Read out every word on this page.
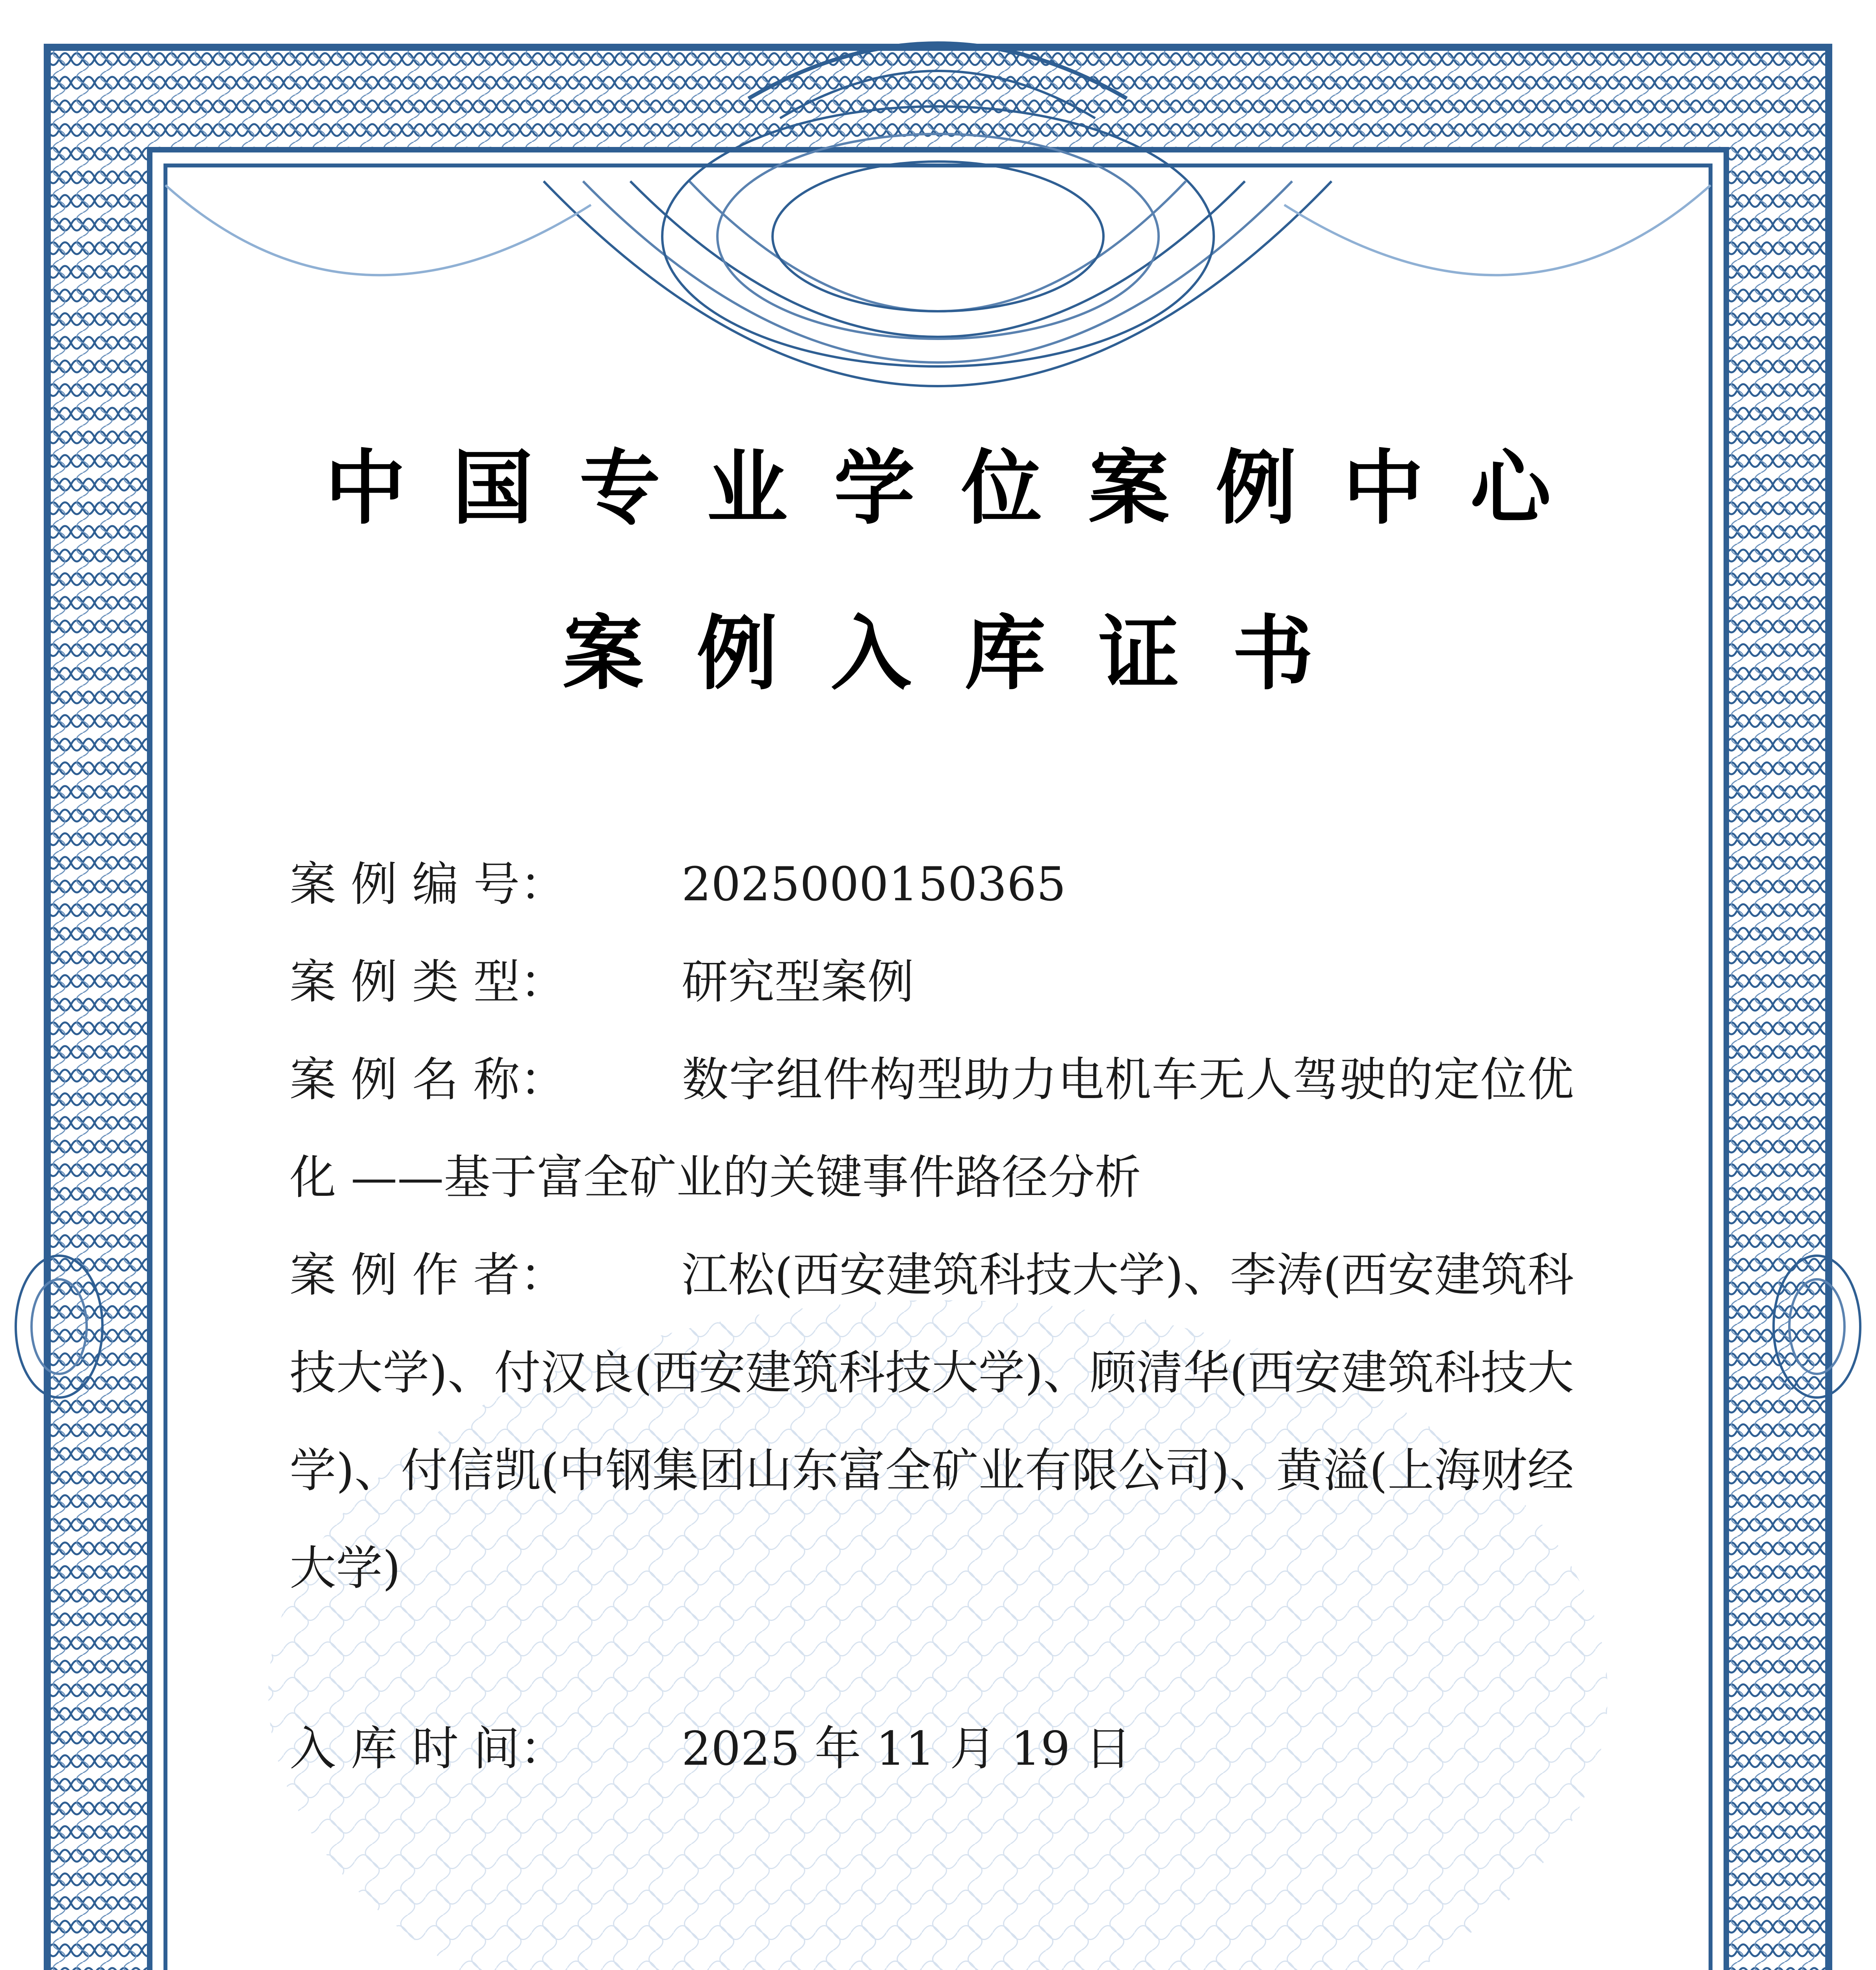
中国专业学位案例中心
案例入库证书
案 例 编 号： 2025000150365
案 例 类 型： 研究型案例
案 例 名 称： 数字组件构型助力电机车无人驾驶的定位优化 ——基于富全矿业的关键事件路径分析
案 例 作 者： 江松(西安建筑科技大学)、李涛(西安建筑科技大学)、付汉良(西安建筑科技大学)、顾清华(西安建筑科技大学)、付信凯(中钢集团山东富全矿业有限公司)、黄溢(上海财经大学)
入 库 时 间： 2025 年 11 月 19 日
